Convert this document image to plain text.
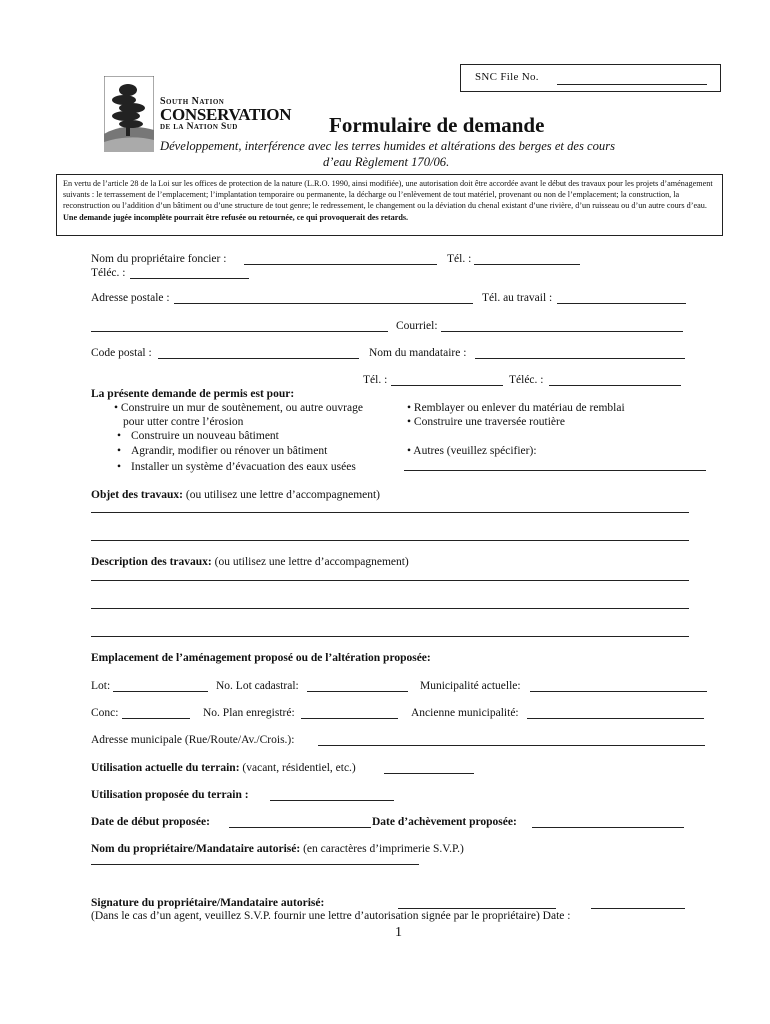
SNC File No.
South Nation
CONSERVATION
de la Nation Sud	Formulaire de demande
Développement, interférence avec les terres humides et altérations des berges et des cours
d’eau Règlement 170/06.
En vertu de l’article 28 de la Loi sur les offices de protection de la nature (L.R.O. 1990, ainsi modifiée), une autorisation doit être accordée avant le début des travaux pour les projets d’aménagement suivants : le terrassement de l’emplacement; l’implantation temporaire ou permanente, la décharge ou l’enlèvement de tout matériel, provenant ou non de l’emplacement; la construction, la reconstruction ou l’addition d’un bâtiment ou d’une structure de tout genre; le redressement, le changement ou la déviation du chenal existant d’une rivière, d’un ruisseau ou d’un autre cours d’eau. Une demande jugée incomplète pourrait être refusée ou retournée, ce qui provoquerait des retards.
Nom du propriétaire foncier :	Tél. :
Téléc. :
Adresse postale :	Tél. au travail :
Courriel:
Code postal :	Nom du mandataire :
Tél. :	Téléc. :
La présente demande de permis est pour:
• Construire un mur de soutènement, ou autre ouvrage
pour utter contre l’érosion
• Construire un nouveau bâtiment
• Agrandir, modifier ou rénover un bâtiment
• Installer un système d’évacuation des eaux usées
• Remblayer ou enlever du matériau de remblai
• Construire une traversée routière
• Autres (veuillez spécifier):
Objet des travaux: (ou utilisez une lettre d’accompagnement)
Description des travaux: (ou utilisez une lettre d’accompagnement)
Emplacement de l’aménagement proposé ou de l’altération proposée:
Lot:	No. Lot cadastral:	Municipalité actuelle:
Conc:	No. Plan enregistré:	Ancienne municipalité:
Adresse municipale (Rue/Route/Av./Crois.):
Utilisation actuelle du terrain: (vacant, résidentiel, etc.)
Utilisation proposée du terrain :
Date de début proposée:	Date d’achèvement proposée:
Nom du propriétaire/Mandataire autorisé: (en caractères d’imprimerie S.V.P.)
Signature du propriétaire/Mandataire autorisé:
(Dans le cas d’un agent, veuillez S.V.P. fournir une lettre d’autorisation signée par le propriétaire) Date :
1
